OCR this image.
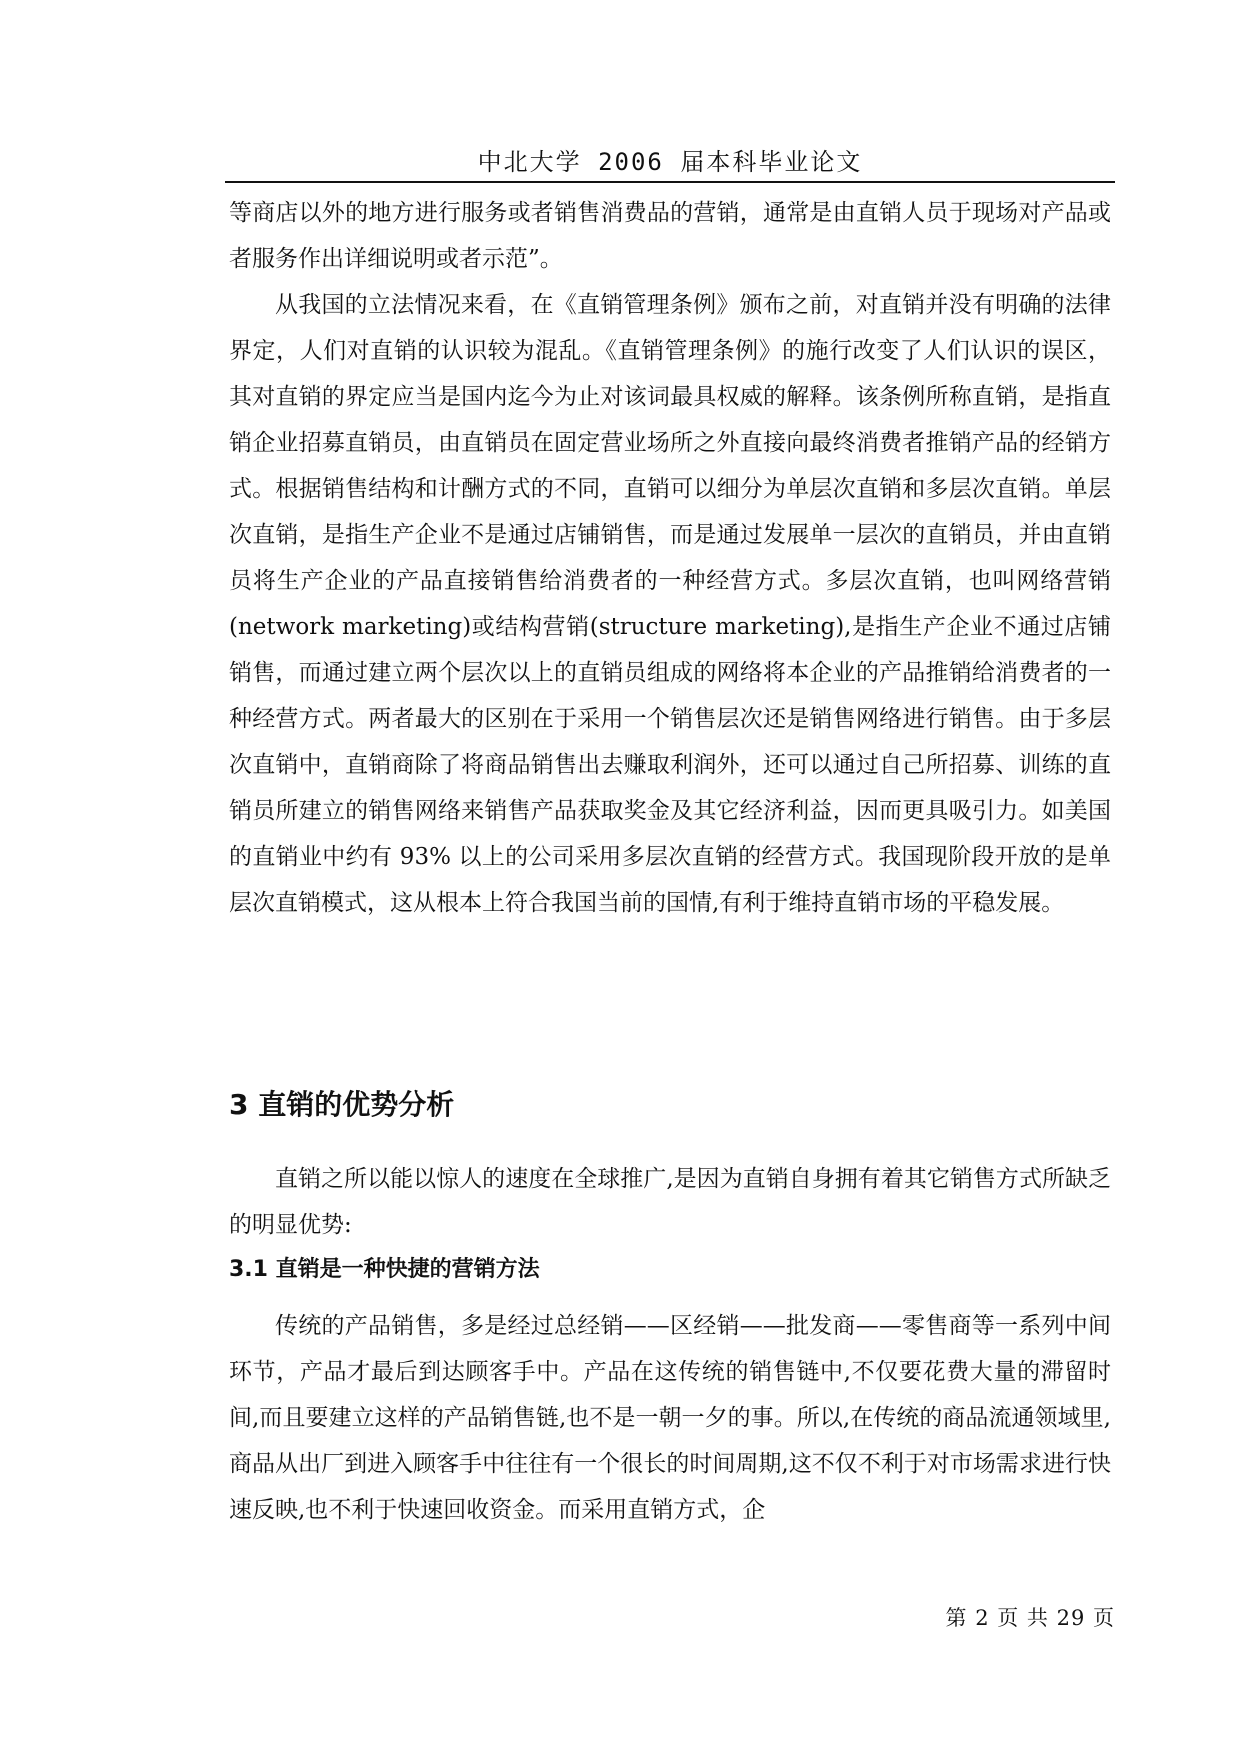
中北大学 2006 届本科毕业论文

等商店以外的地方进行服务或者销售消费品的营销，通常是由直销人员于现场对产品或者服务作出详细说明或者示范”。

从我国的立法情况来看，在《直销管理条例》颁布之前，对直销并没有明确的法律界定，人们对直销的认识较为混乱。《直销管理条例》的施行改变了人们认识的误区，其对直销的界定应当是国内迄今为止对该词最具权威的解释。该条例所称直销，是指直销企业招募直销员，由直销员在固定营业场所之外直接向最终消费者推销产品的经销方式。根据销售结构和计酬方式的不同，直销可以细分为单层次直销和多层次直销。单层次直销，是指生产企业不是通过店铺销售，而是通过发展单一层次的直销员，并由直销员将生产企业的产品直接销售给消费者的一种经营方式。多层次直销，也叫网络营销(network marketing)或结构营销(structure marketing),是指生产企业不通过店铺销售，而通过建立两个层次以上的直销员组成的网络将本企业的产品推销给消费者的一种经营方式。两者最大的区别在于采用一个销售层次还是销售网络进行销售。由于多层次直销中，直销商除了将商品销售出去赚取利润外，还可以通过自己所招募、训练的直销员所建立的销售网络来销售产品获取奖金及其它经济利益，因而更具吸引力。如美国的直销业中约有 93% 以上的公司采用多层次直销的经营方式。我国现阶段开放的是单层次直销模式，这从根本上符合我国当前的国情,有利于维持直销市场的平稳发展。

3 直销的优势分析

直销之所以能以惊人的速度在全球推广,是因为直销自身拥有着其它销售方式所缺乏的明显优势:

3.1 直销是一种快捷的营销方法

传统的产品销售，多是经过总经销——区经销——批发商——零售商等一系列中间环节，产品才最后到达顾客手中。产品在这传统的销售链中,不仅要花费大量的滞留时间,而且要建立这样的产品销售链,也不是一朝一夕的事。所以,在传统的商品流通领域里,商品从出厂到进入顾客手中往往有一个很长的时间周期,这不仅不利于对市场需求进行快速反映,也不利于快速回收资金。而采用直销方式，企

第 2 页 共 29 页
